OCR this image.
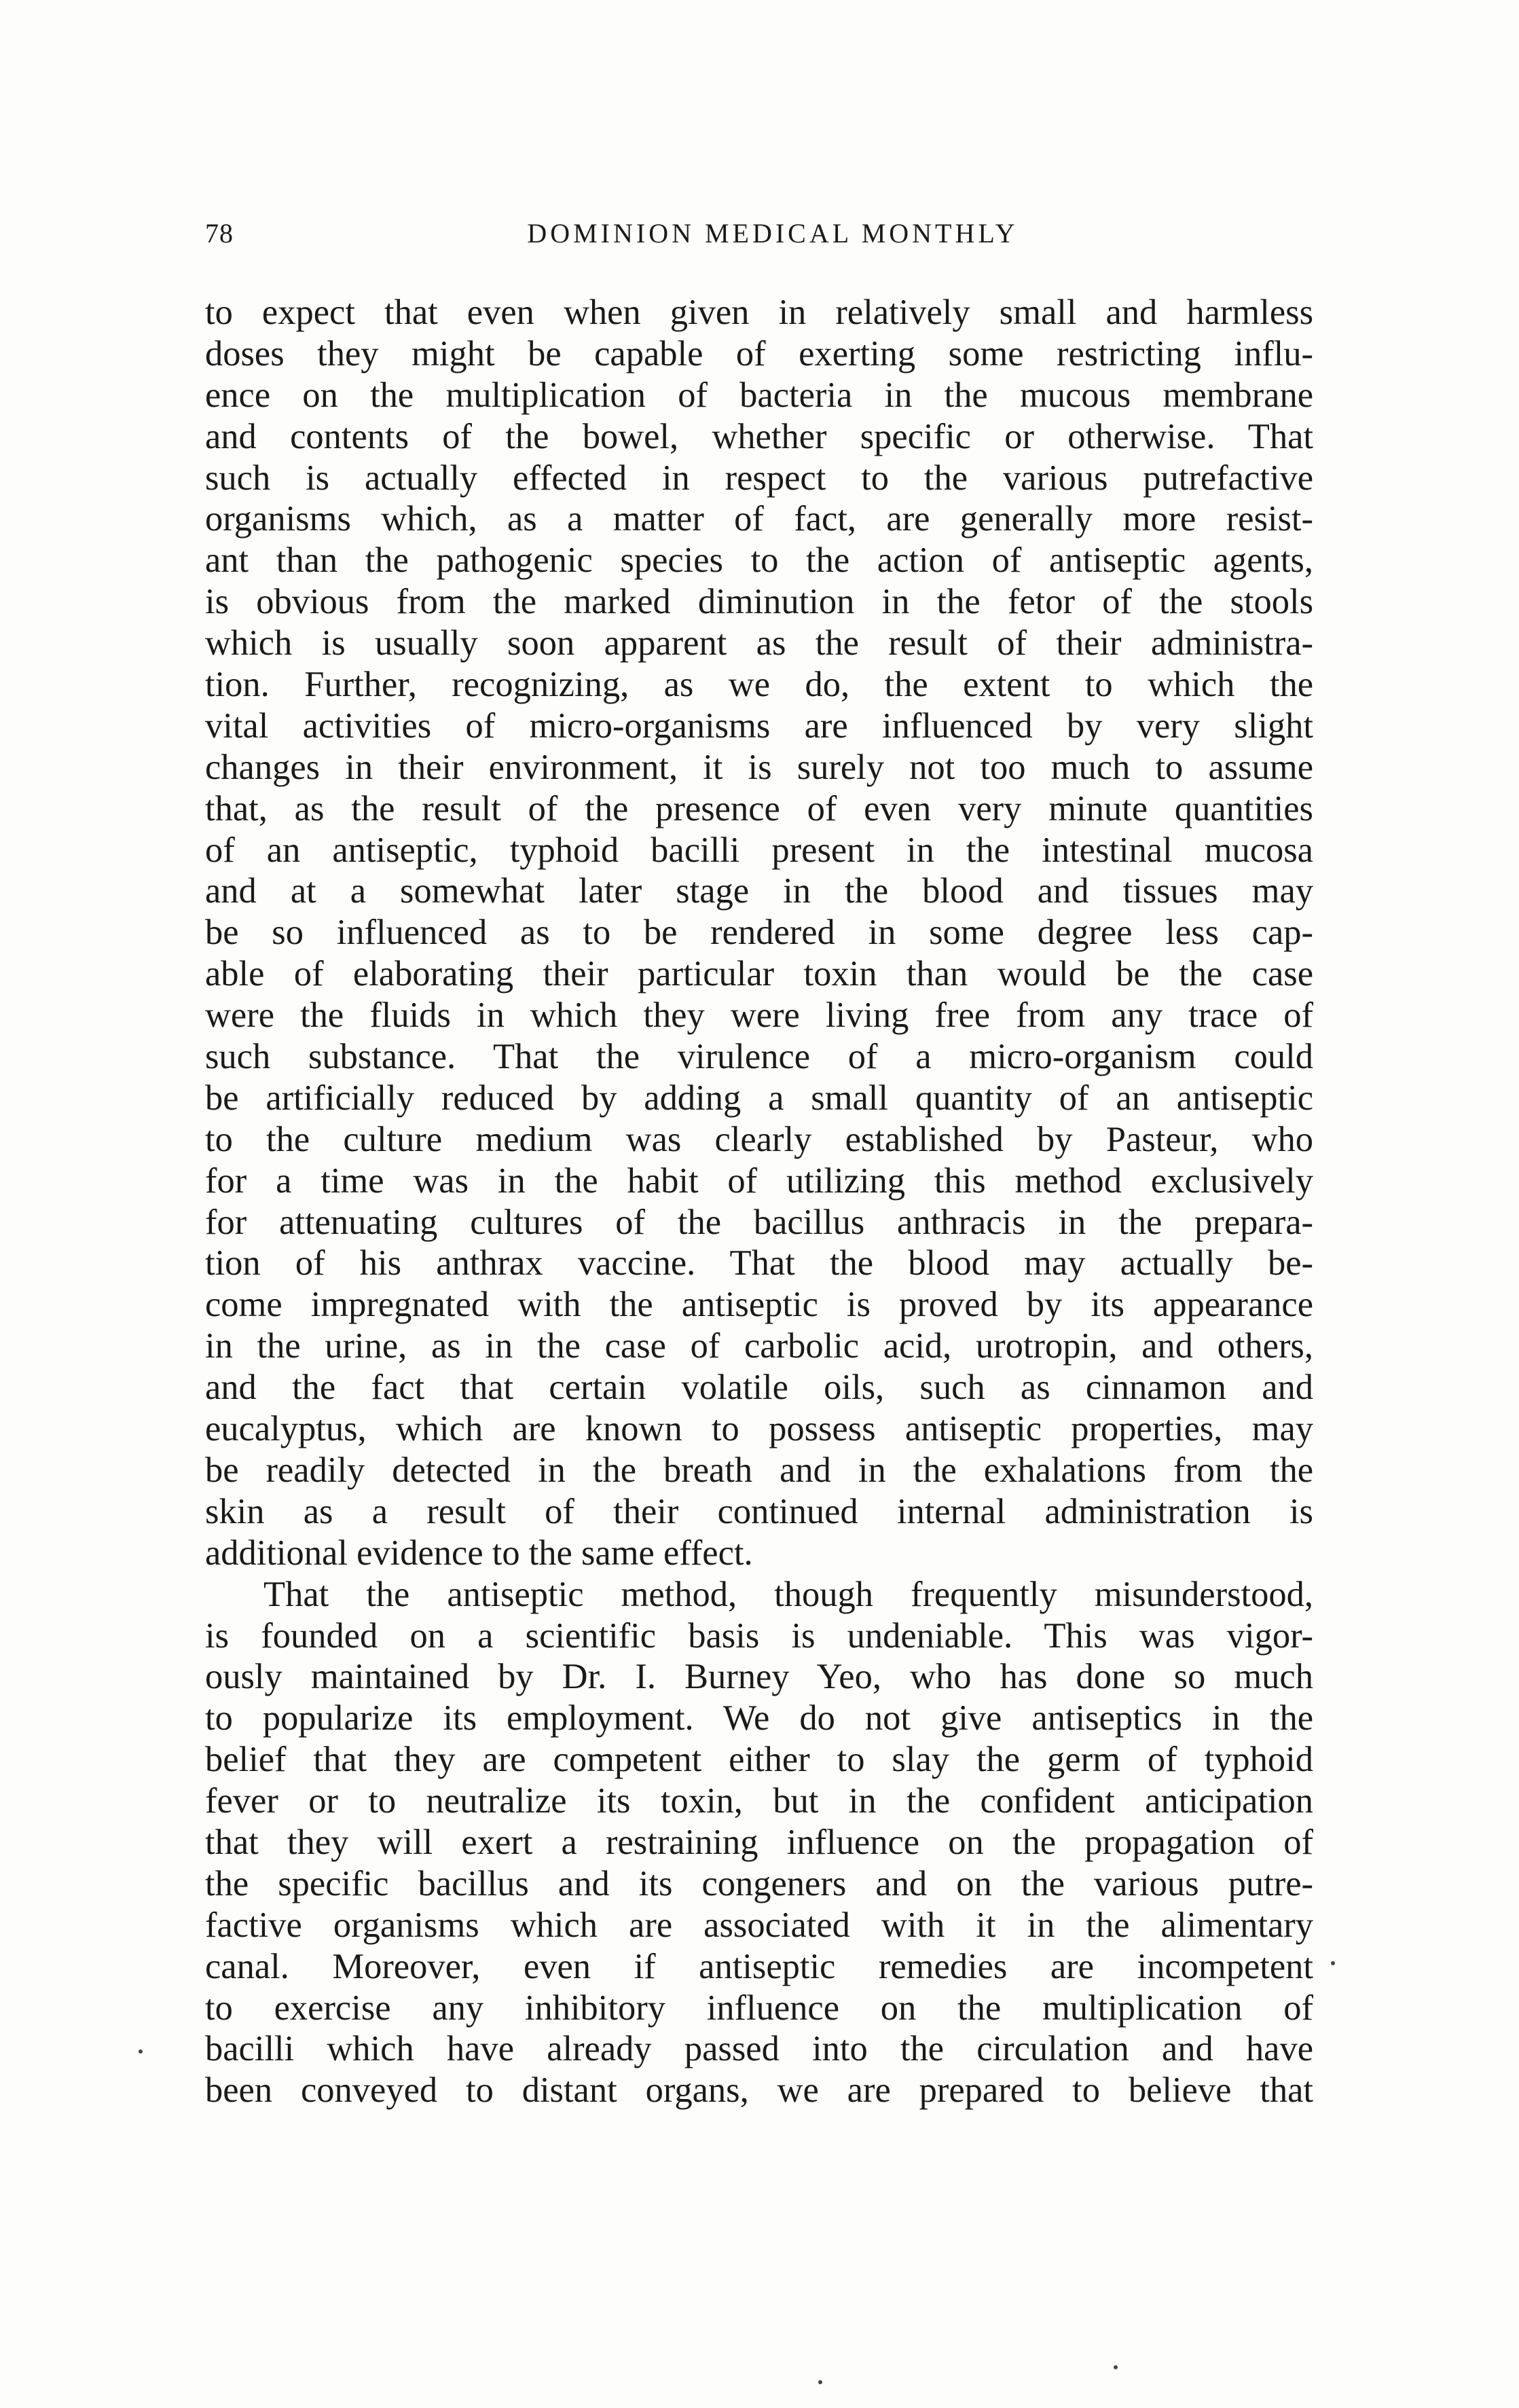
78	DOMINION MEDICAL MONTHLY
to expect that even when given in relatively small and harmless
doses they might be capable of exerting some restricting influ-
ence on the multiplication of bacteria in the mucous membrane
and contents of the bowel, whether specific or otherwise. That
such is actually effected in respect to the various putrefactive
organisms which, as a matter of fact, are generally more resist-
ant than the pathogenic species to the action of antiseptic agents,
is obvious from the marked diminution in the fetor of the stools
which is usually soon apparent as the result of their administra-
tion. Further, recognizing, as we do, the extent to which the
vital activities of micro-organisms are influenced by very slight
changes in their environment, it is surely not too much to assume
that, as the result of the presence of even very minute quantities
of an antiseptic, typhoid bacilli present in the intestinal mucosa
and at a somewhat later stage in the blood and tissues may
be so influenced as to be rendered in some degree less cap-
able of elaborating their particular toxin than would be the case
were the fluids in which they were living free from any trace of
such substance. That the virulence of a micro-organism could
be artificially reduced by adding a small quantity of an antiseptic
to the culture medium was clearly established by Pasteur, who
for a time was in the habit of utilizing this method exclusively
for attenuating cultures of the bacillus anthracis in the prepara-
tion of his anthrax vaccine. That the blood may actually be-
come impregnated with the antiseptic is proved by its appearance
in the urine, as in the case of carbolic acid, urotropin, and others,
and the fact that certain volatile oils, such as cinnamon and
eucalyptus, which are known to possess antiseptic properties, may
be readily detected in the breath and in the exhalations from the
skin as a result of their continued internal administration is
additional evidence to the same effect.
That the antiseptic method, though frequently misunderstood,
is founded on a scientific basis is undeniable. This was vigor-
ously maintained by Dr. I. Burney Yeo, who has done so much
to popularize its employment. We do not give antiseptics in the
belief that they are competent either to slay the germ of typhoid
fever or to neutralize its toxin, but in the confident anticipation
that they will exert a restraining influence on the propagation of
the specific bacillus and its congeners and on the various putre-
factive organisms which are associated with it in the alimentary
canal. Moreover, even if antiseptic remedies are incompetent
to exercise any inhibitory influence on the multiplication of
bacilli which have already passed into the circulation and have
been conveyed to distant organs, we are prepared to believe that
